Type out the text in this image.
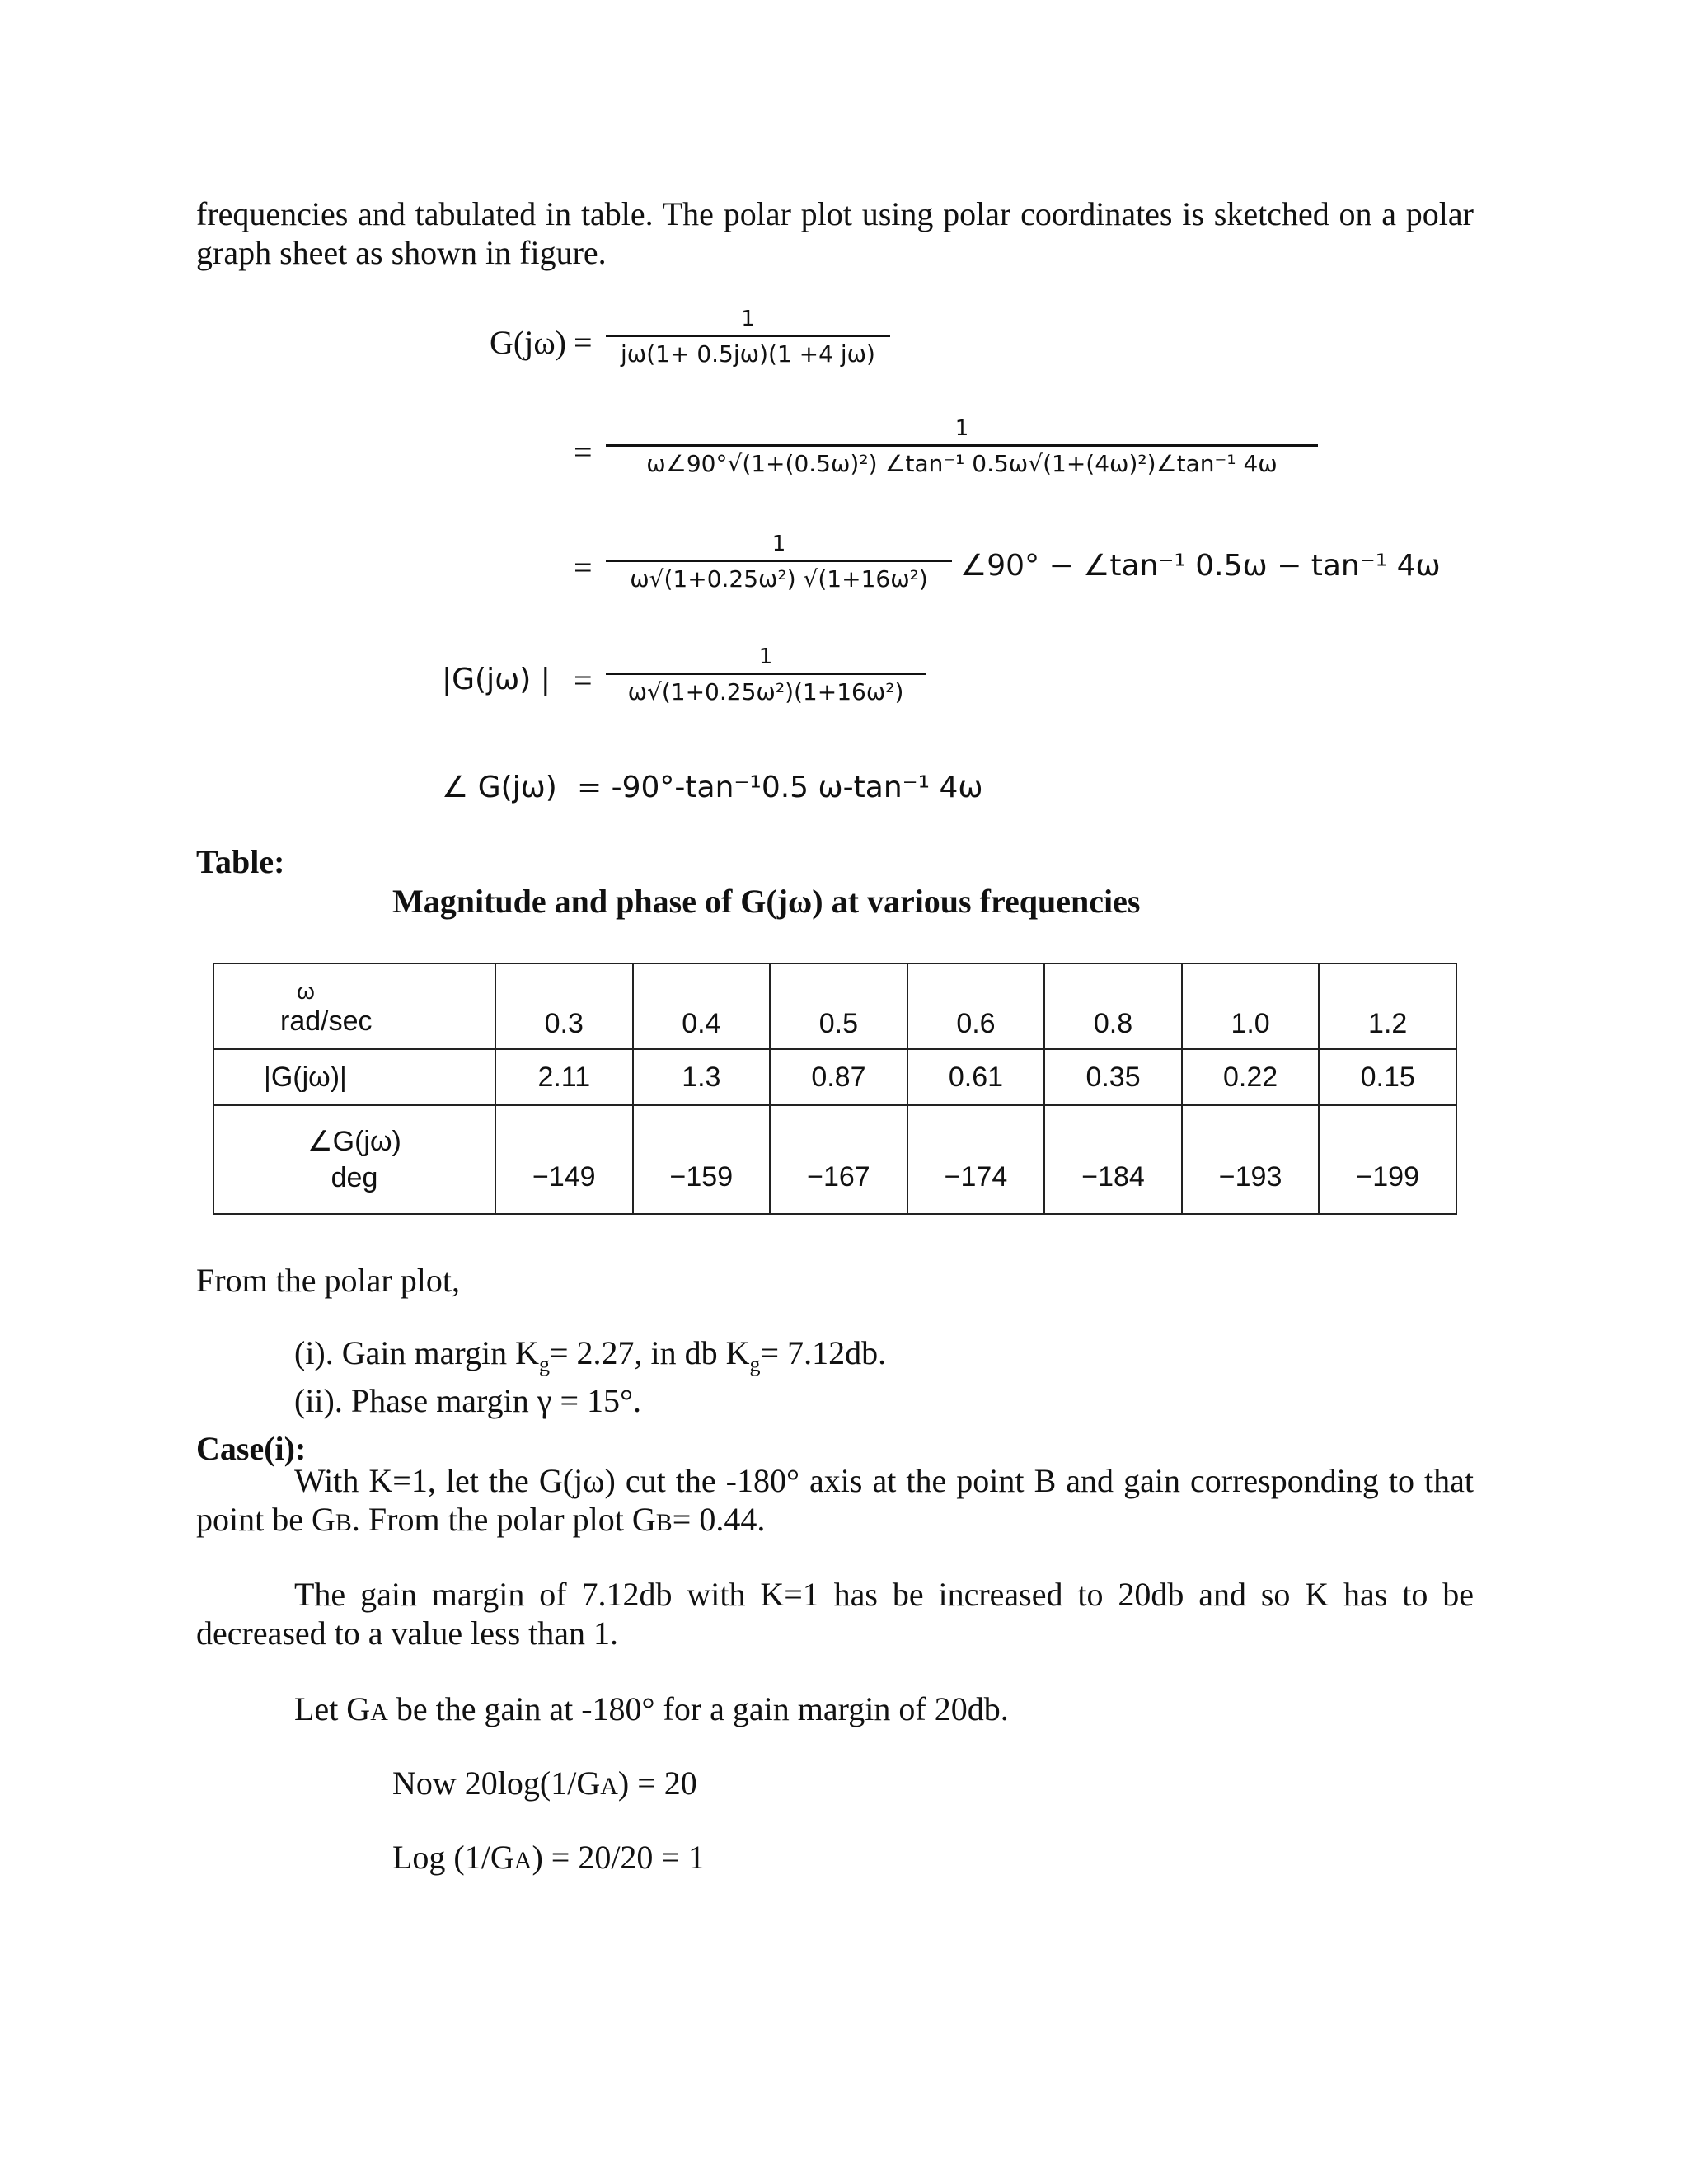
frequencies and tabulated in table. The polar plot using polar coordinates is sketched on a polar
graph sheet as shown in figure.
G(jω) =
1
jω(1+ 0.5jω)(1 +4 jω)
=
1
ω∠90°√(1+(0.5ω)²) ∠tan⁻¹ 0.5ω√(1+(4ω)²)∠tan⁻¹ 4ω
=
1
ω√(1+0.25ω²) √(1+16ω²) ∠90° − ∠tan⁻¹ 0.5ω − tan⁻¹ 4ω
|G(jω) | =
1
ω√(1+0.25ω²)(1+16ω²)
∠ G(jω) = -90°-tan⁻¹0.5 ω-tan⁻¹ 4ω
Table:
Magnitude and phase of G(jω) at various frequencies
ω
rad/sec	0.3	0.4	0.5	0.6	0.8	1.0	1.2
|G(jω)|	2.11	1.3	0.87	0.61	0.35	0.22	0.15

∠G(jω)
deg	−149	−159	−167	−174	−184	−193	−199
From the polar plot,
(i). Gain margin $K_g= 2.27$, in db $K_g= 7.12db$.
(ii). Phase margin γ = 15°.
Case(i):
With K=1, let the G(jω) cut the -180° axis at the point B and gain corresponding to that
point be GB. From the polar plot GB= 0.44.
The gain margin of 7.12db with K=1 has be increased to 20db and so K has to be
decreased to a value less than 1.
Let GA be the gain at -180° for a gain margin of 20db.
Now 20log(1/GA) = 20
Log (1/GA) = 20/20 = 1
